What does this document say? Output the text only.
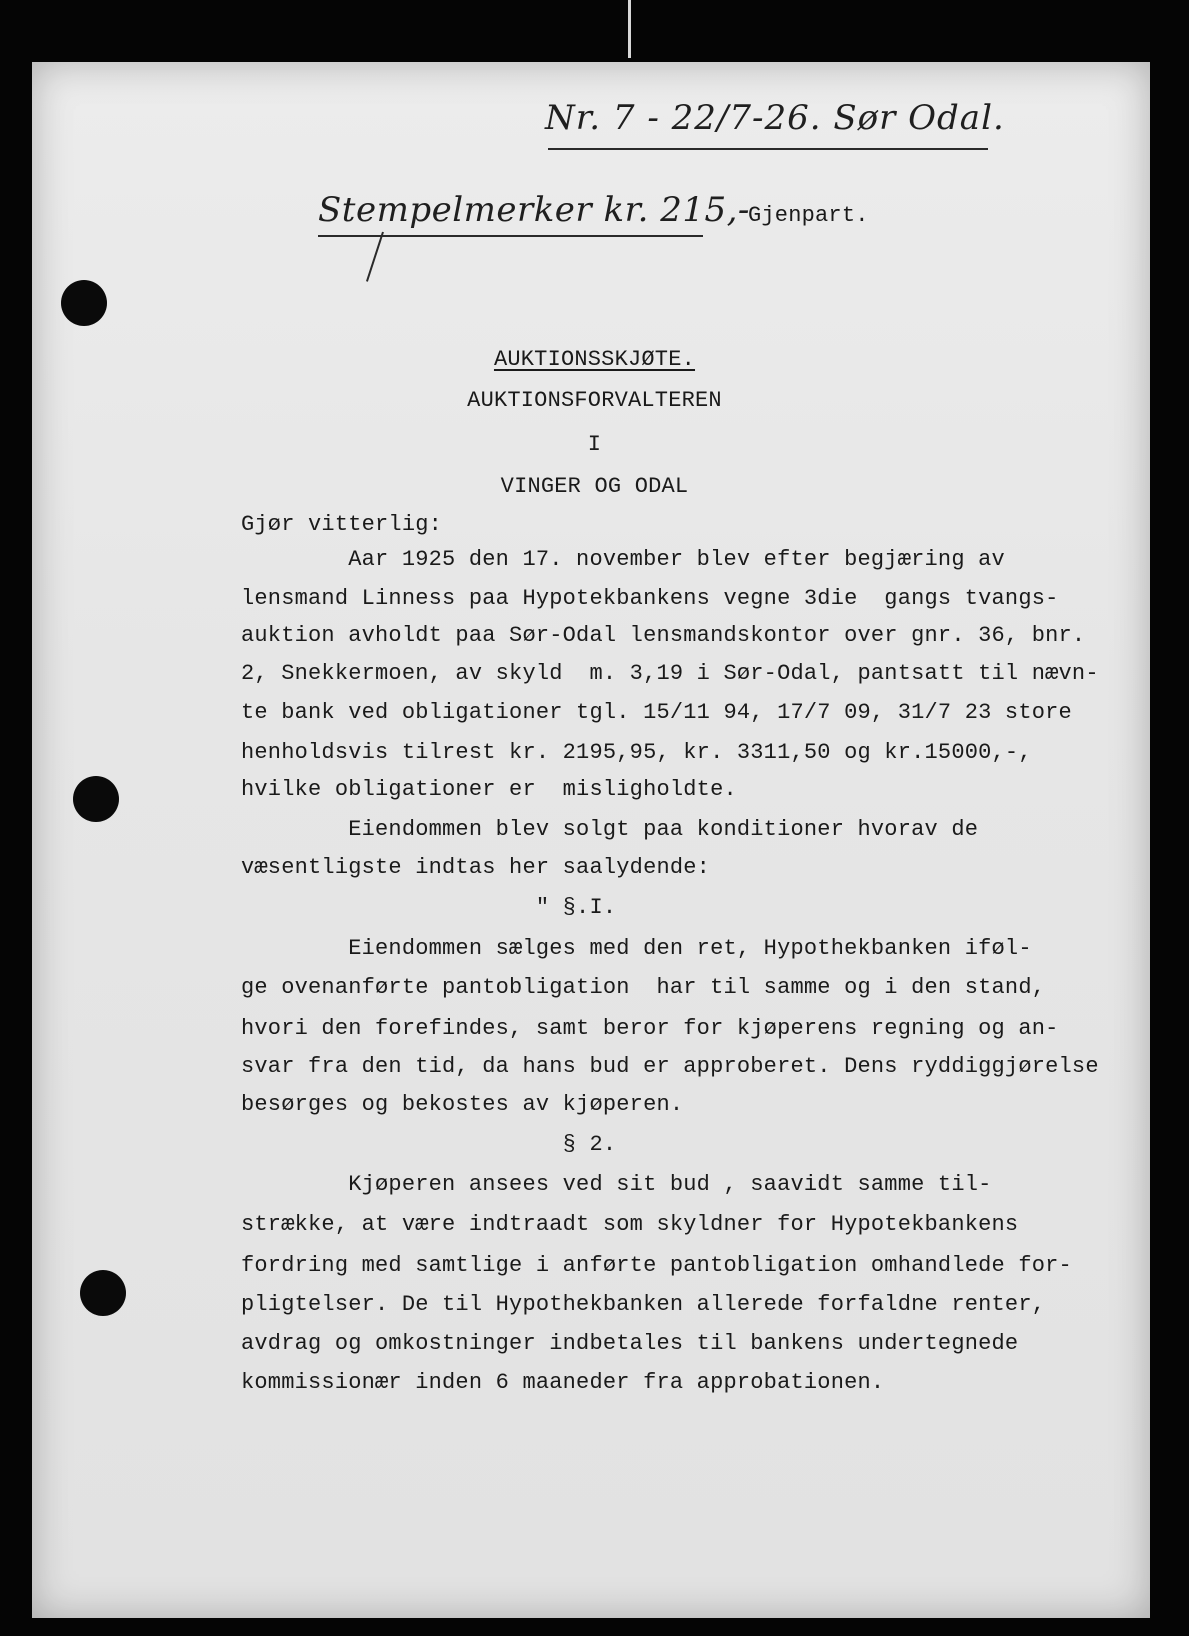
Nr. 7 - 22/7-26. Sør Odal.
Stempelmerker kr. 215,-
Gjenpart.
AUKTIONSSKJØTE.
AUKTIONSFORVALTEREN
I
VINGER OG ODAL
Gjør vitterlig:
Aar 1925 den 17. november blev efter begjæring av
lensmand Linness paa Hypotekbankens vegne 3die  gangs tvangs-
auktion avholdt paa Sør-Odal lensmandskontor over gnr. 36, bnr.
2, Snekkermoen, av skyld  m. 3,19 i Sør-Odal, pantsatt til nævn-
te bank ved obligationer tgl. 15/11 94, 17/7 09, 31/7 23 store
henholdsvis tilrest kr. 2195,95, kr. 3311,50 og kr.15000,-,
hvilke obligationer er  misligholdte.
Eiendommen blev solgt paa konditioner hvorav de
væsentligste indtas her saalydende:
" §.I.
Eiendommen sælges med den ret, Hypothekbanken iføl-
ge ovenanførte pantobligation  har til samme og i den stand,
hvori den forefindes, samt beror for kjøperens regning og an-
svar fra den tid, da hans bud er approberet. Dens ryddiggjørelse
besørges og bekostes av kjøperen.
§ 2.
Kjøperen ansees ved sit bud , saavidt samme til-
strække, at være indtraadt som skyldner for Hypotekbankens
fordring med samtlige i anførte pantobligation omhandlede for-
pligtelser. De til Hypothekbanken allerede forfaldne renter,
avdrag og omkostninger indbetales til bankens undertegnede
kommissionær inden 6 maaneder fra approbationen.
